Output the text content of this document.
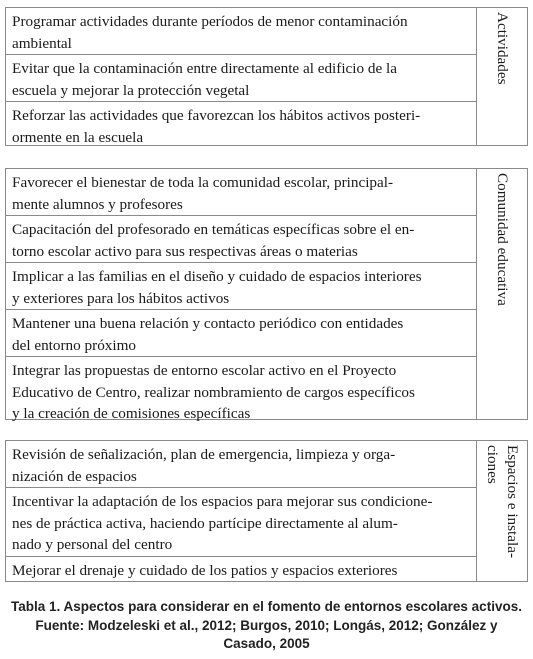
Programar actividades durante períodos de menor contaminación
ambiental
Evitar que la contaminación entre directamente al edificio de la
escuela y mejorar la protección vegetal
Reforzar las actividades que favorezcan los hábitos activos posteri-
ormente en la escuela
Actividades
Favorecer el bienestar de toda la comunidad escolar, principal-
mente alumnos y profesores
Capacitación del profesorado en temáticas específicas sobre el en-
torno escolar activo para sus respectivas áreas o materias
Implicar a las familias en el diseño y cuidado de espacios interiores
y exteriores para los hábitos activos
Mantener una buena relación y contacto periódico con entidades
del entorno próximo
Integrar las propuestas de entorno escolar activo en el Proyecto
Educativo de Centro, realizar nombramiento de cargos específicos
y la creación de comisiones específicas
Comunidad educativa
Revisión de señalización, plan de emergencia, limpieza y orga-
nización de espacios
Incentivar la adaptación de los espacios para mejorar sus condicione-
nes de práctica activa, haciendo partícipe directamente al alum-
nado y personal del centro
Mejorar el drenaje y cuidado de los patios y espacios exteriores
Espacios e instala-
ciones
Tabla 1. Aspectos para considerar en el fomento de entornos escolares activos.
Fuente: Modzeleski et al., 2012; Burgos, 2010; Longás, 2012; González y
Casado, 2005
